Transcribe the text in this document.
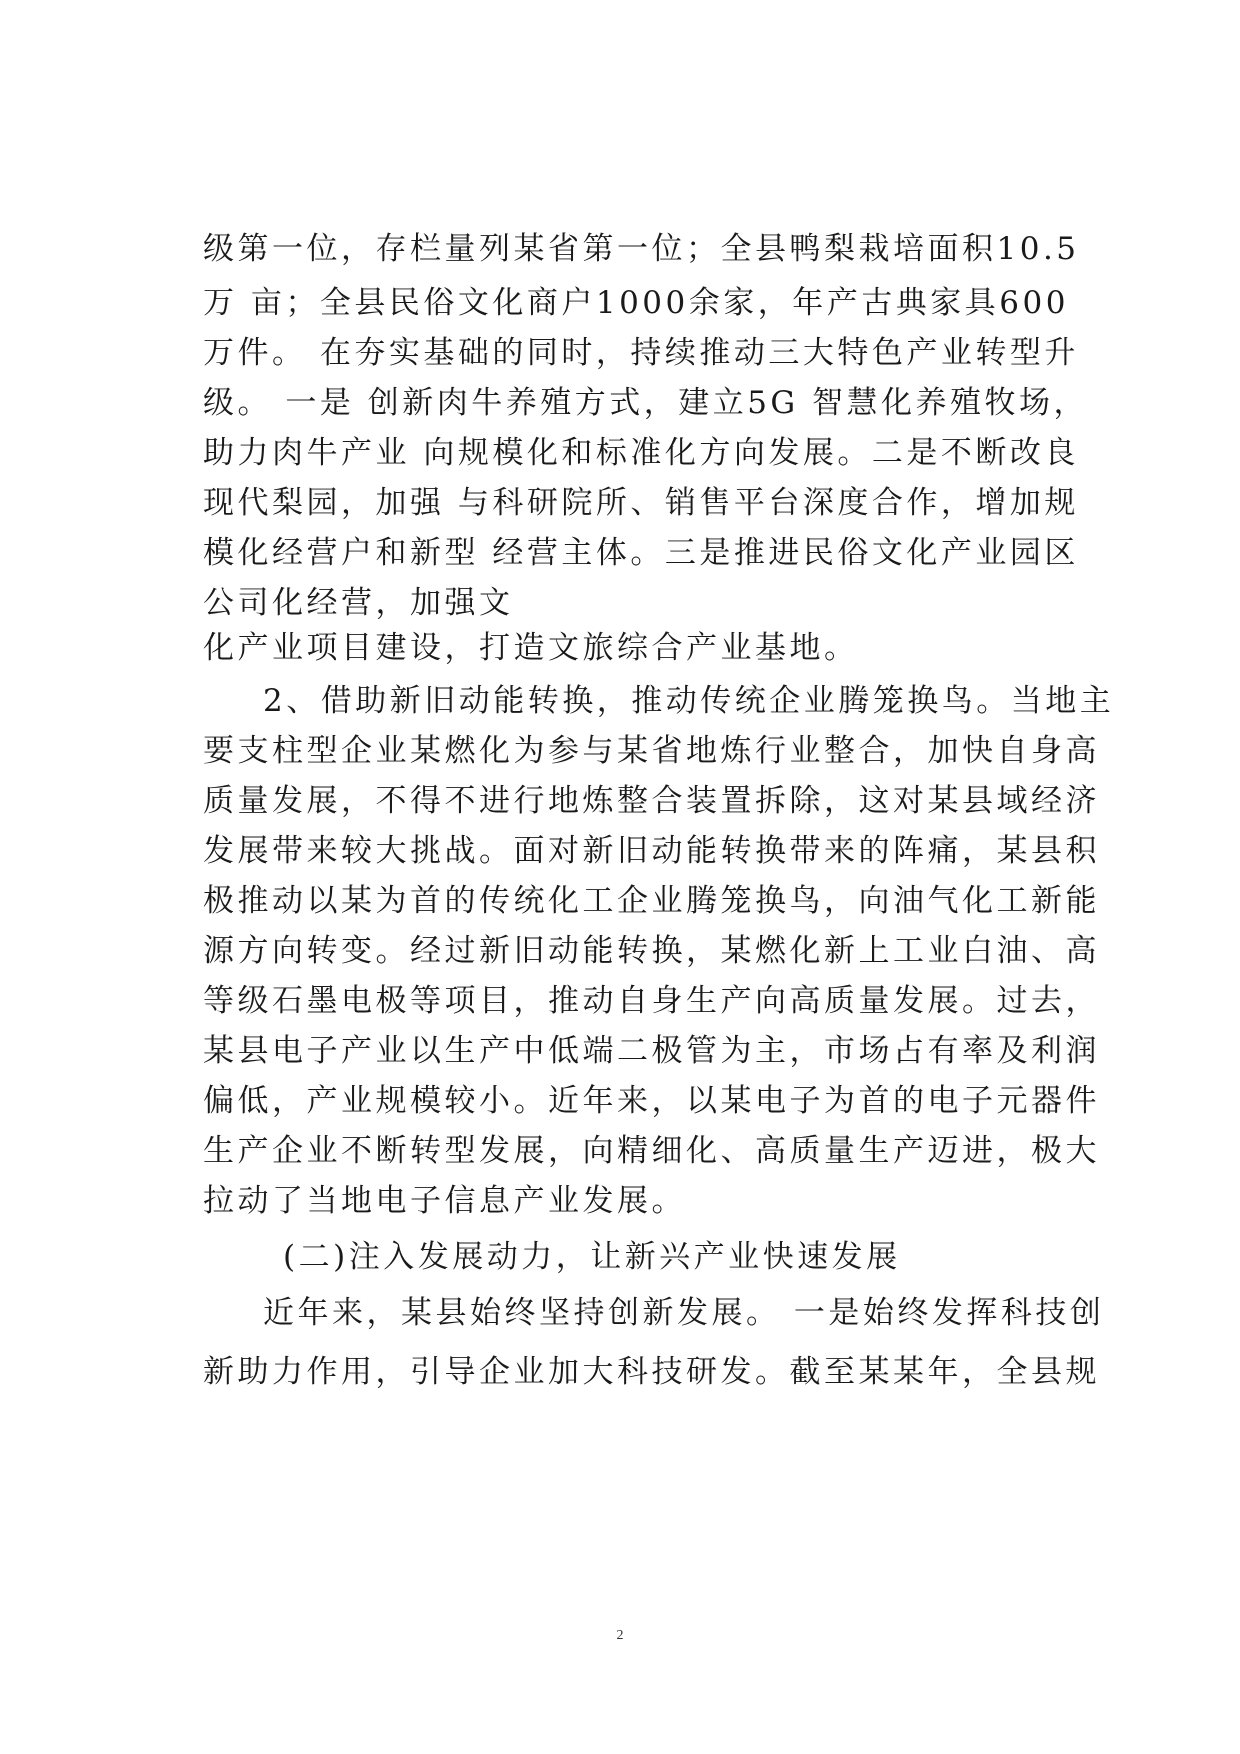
级第一位，存栏量列某省第一位；全县鸭梨栽培面积10.5
万 亩；全县民俗文化商户1000余家，年产古典家具600
万件。 在夯实基础的同时，持续推动三大特色产业转型升
级。 一是 创新肉牛养殖方式，建立5G 智慧化养殖牧场，
助力肉牛产业 向规模化和标准化方向发展。二是不断改良
现代梨园，加强 与科研院所、销售平台深度合作，增加规
模化经营户和新型 经营主体。三是推进民俗文化产业园区
公司化经营，加强文
化产业项目建设，打造文旅综合产业基地。
2、借助新旧动能转换，推动传统企业腾笼换鸟。当地主
要支柱型企业某燃化为参与某省地炼行业整合，加快自身高
质量发展，不得不进行地炼整合装置拆除，这对某县域经济
发展带来较大挑战。面对新旧动能转换带来的阵痛，某县积
极推动以某为首的传统化工企业腾笼换鸟，向油气化工新能
源方向转变。经过新旧动能转换，某燃化新上工业白油、高
等级石墨电极等项目，推动自身生产向高质量发展。过去，
某县电子产业以生产中低端二极管为主，市场占有率及利润
偏低，产业规模较小。近年来，以某电子为首的电子元器件
生产企业不断转型发展，向精细化、高质量生产迈进，极大
拉动了当地电子信息产业发展。
(二)注入发展动力，让新兴产业快速发展
近年来，某县始终坚持创新发展。 一是始终发挥科技创
新助力作用，引导企业加大科技研发。截至某某年，全县规
2
